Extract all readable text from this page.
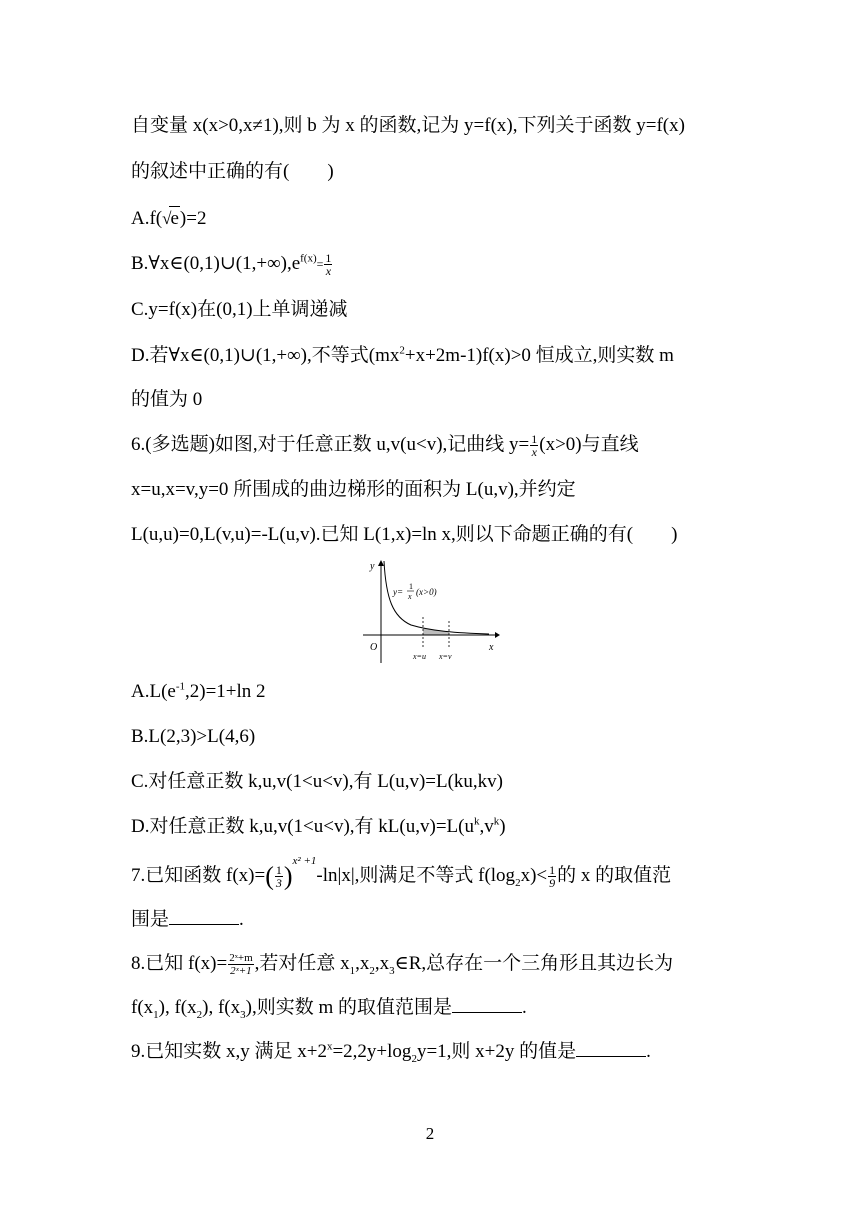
自变量 x(x>0,x≠1),则 b 为 x 的函数,记为 y=f(x),下列关于函数 y=f(x)
的叙述中正确的有(　　)
A.f(√e)=2
$B.\forall x\in(0,1)\cup(1,+\infty),e^{f(x)=} \frac{1}{x}$
C.y=f(x)在(0,1)上单调递减
D.若∀x∈(0,1)∪(1,+∞),不等式$(mx^2+x+2m-1)f(x)>0$ 恒成立,则实数 m
的值为 0
6.(多选题)如图,对于任意正数 u,v(u<v),记曲线 $y= \frac{1}{x} (x>0)$与直线
x=u,x=v,y=0 所围成的曲边梯形的面积为 L(u,v),并约定
L(u,u)=0,L(v,u)=-L(u,v).已知 L(1,x)=ln x,则以下命题正确的有(　　)
y
x
O
y=
1
x (x>0)
x=u x=v
$A.L(e^{-1},2)=1+\ln$ 2
B.L(2,3)>L(4,6)
C.对任意正数 k,u,v(1<u<v),有 L(u,v)=L(ku,kv)
D.对任意正数 k,u,v(1<u<v),有 $kL(u,v)=L(u^k,v^k)$
7.已知函数 $f(x)=( \frac{1}{3} )^{x^2 +1}-\ln|x|$,则满足不等式 $f(\log_2x)< \frac{1}{9}$ 的 x 的取值范
围是	.
8.已知 $f(x)= \frac{\text{2ˣ+m}}{\text{2ˣ+1}}$ ,若对任意 $x_1,x_2,x_3\in R$,总存在一个三角形且其边长为
$f(x_1)$, $f(x_2)$, $f(x_3)$,则实数 m 的取值范围是	.
9.已知实数 x,y 满足 $x+2^x=2,2y+\log_2y=1$,则 x+2y 的值是	.
2
